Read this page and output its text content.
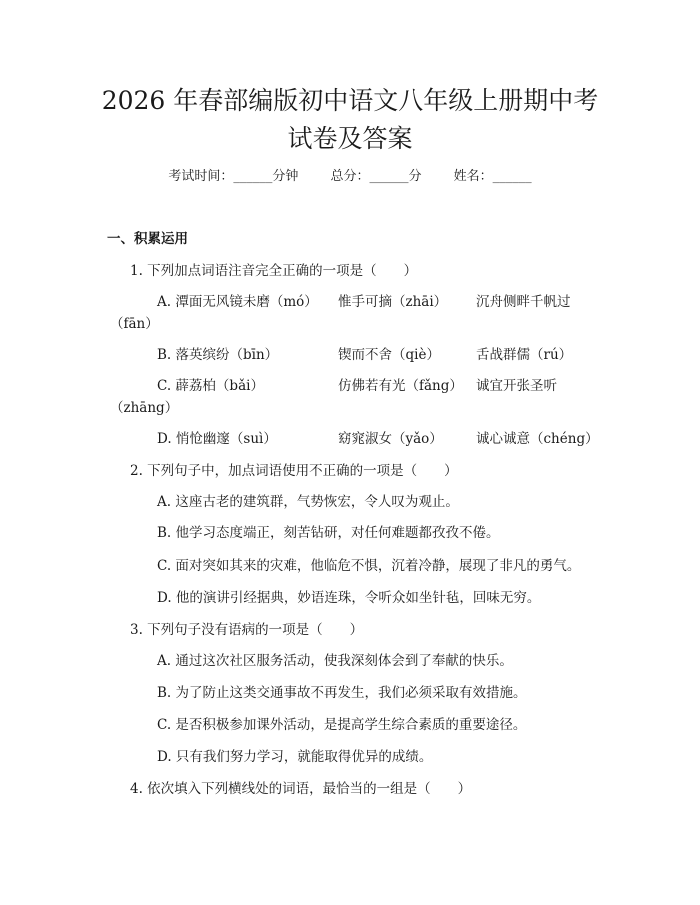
2026 年春部编版初中语文八年级上册期中考
试卷及答案
考试时间：______分钟 总分：______分 姓名：______
一、积累运用
1. 下列加点词语注音完全正确的一项是（　　）
A. 潭面无风镜未磨（mó） 惟手可摘（zhāi） 沉舟侧畔千帆过
（fān）
B. 落英缤纷（bīn）	锲而不舍（qiè）	舌战群儒（rú）
C. 薜荔柏（bǎi）	仿佛若有光（fǎng） 诚宜开张圣听
（zhāng）
D. 悄怆幽邃（suì）	窈窕淑女（yǎo） 诚心诚意（chéng）
2. 下列句子中，加点词语使用不正确的一项是（　　）
A. 这座古老的建筑群，气势恢宏，令人叹为观止。
B. 他学习态度端正，刻苦钻研，对任何难题都孜孜不倦。
C. 面对突如其来的灾难，他临危不惧，沉着冷静，展现了非凡的勇气。
D. 他的演讲引经据典，妙语连珠，令听众如坐针毡，回味无穷。
3. 下列句子没有语病的一项是（　　）
A. 通过这次社区服务活动，使我深刻体会到了奉献的快乐。
B. 为了防止这类交通事故不再发生，我们必须采取有效措施。
C. 是否积极参加课外活动，是提高学生综合素质的重要途径。
D. 只有我们努力学习，就能取得优异的成绩。
4. 依次填入下列横线处的词语，最恰当的一组是（　　）
